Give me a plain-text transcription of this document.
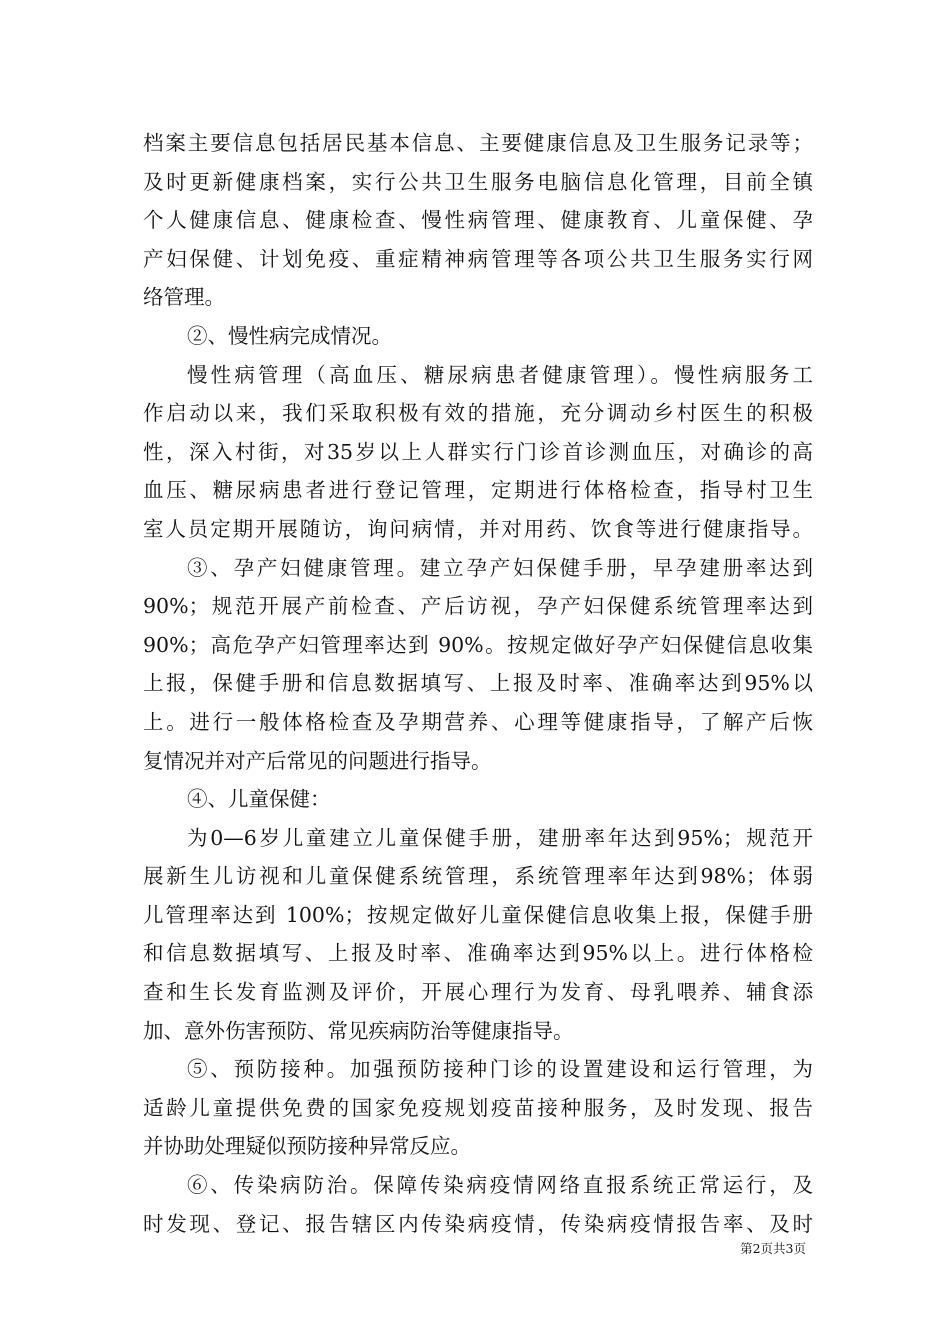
档案主要信息包括居民基本信息、主要健康信息及卫生服务记录等；
及时更新健康档案，实行公共卫生服务电脑信息化管理，目前全镇
个人健康信息、健康检查、慢性病管理、健康教育、儿童保健、孕
产妇保健、计划免疫、重症精神病管理等各项公共卫生服务实行网
络管理。
②、慢性病完成情况。
慢性病管理（高血压、糖尿病患者健康管理）。慢性病服务工
作启动以来，我们采取积极有效的措施，充分调动乡村医生的积极
性，深入村街，对35岁以上人群实行门诊首诊测血压，对确诊的高
血压、糖尿病患者进行登记管理，定期进行体格检查，指导村卫生
室人员定期开展随访，询问病情，并对用药、饮食等进行健康指导。
③、孕产妇健康管理。建立孕产妇保健手册，早孕建册率达到
90%；规范开展产前检查、产后访视，孕产妇保健系统管理率达到
90%；高危孕产妇管理率达到 90%。按规定做好孕产妇保健信息收集
上报，保健手册和信息数据填写、上报及时率、准确率达到95%以
上。进行一般体格检查及孕期营养、心理等健康指导，了解产后恢
复情况并对产后常见的问题进行指导。
④、儿童保健：
为0—6岁儿童建立儿童保健手册，建册率年达到95%；规范开
展新生儿访视和儿童保健系统管理，系统管理率年达到98%；体弱
儿管理率达到 100%；按规定做好儿童保健信息收集上报，保健手册
和信息数据填写、上报及时率、准确率达到95%以上。进行体格检
查和生长发育监测及评价，开展心理行为发育、母乳喂养、辅食添
加、意外伤害预防、常见疾病防治等健康指导。
⑤、预防接种。加强预防接种门诊的设置建设和运行管理，为
适龄儿童提供免费的国家免疫规划疫苗接种服务，及时发现、报告
并协助处理疑似预防接种异常反应。
⑥、传染病防治。保障传染病疫情网络直报系统正常运行，及
时发现、登记、报告辖区内传染病疫情，传染病疫情报告率、及时
第2页共3页
